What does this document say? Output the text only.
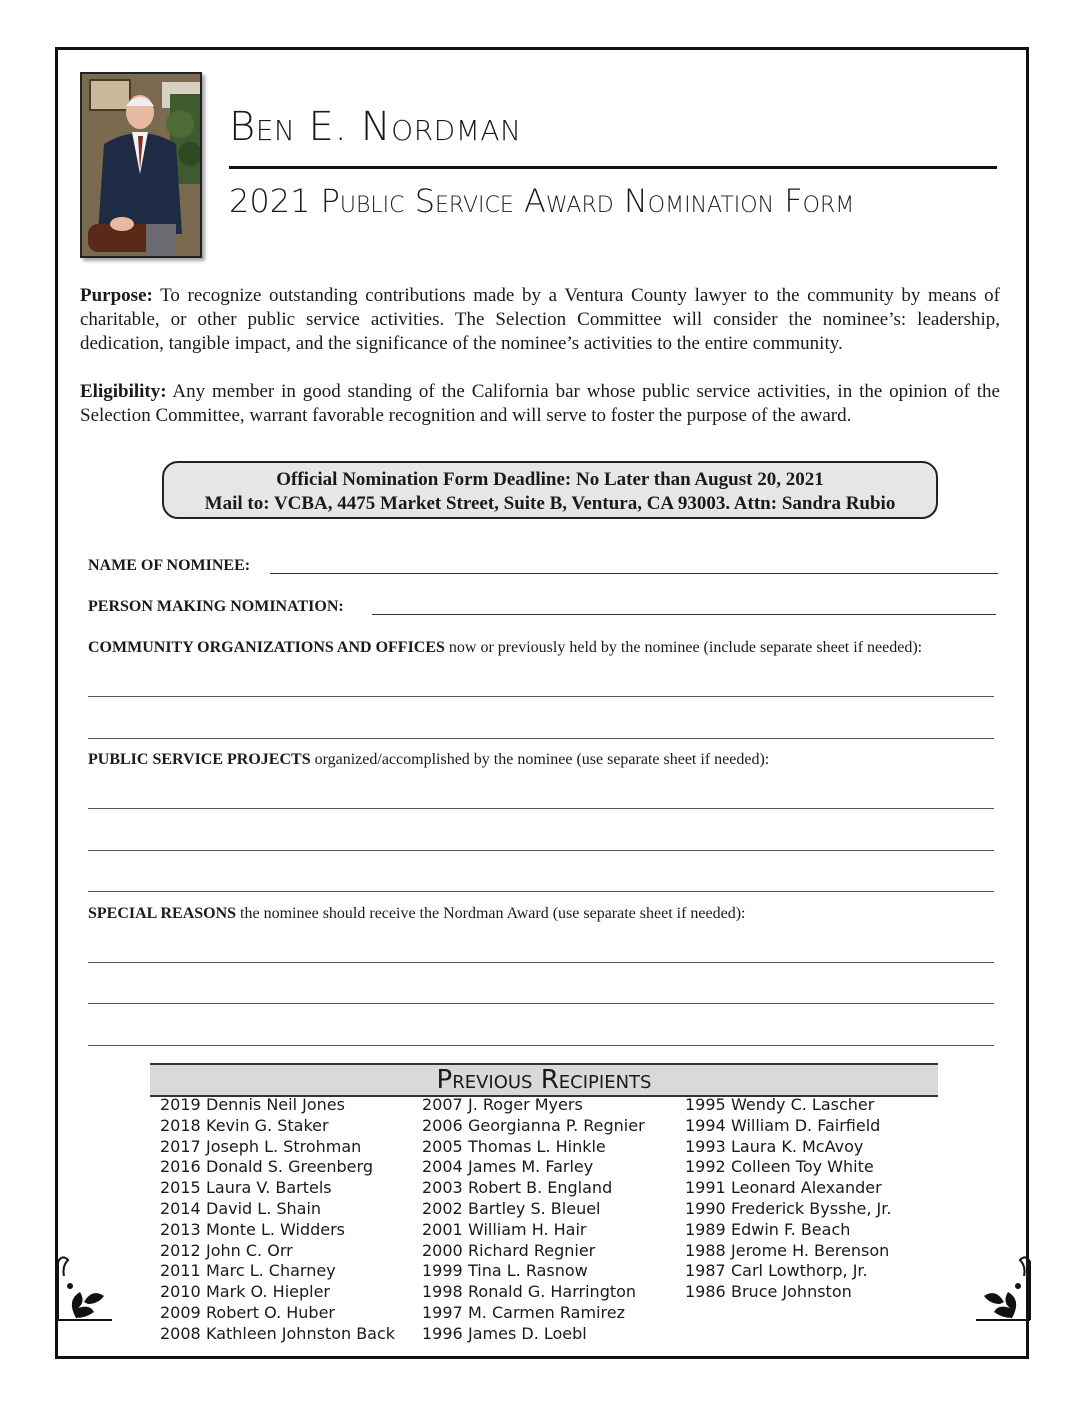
Ben E. Nordman
2021 Public Service Award Nomination Form
Purpose: To recognize outstanding contributions made by a Ventura County lawyer to the community by means of charitable, or other public service activities. The Selection Committee will consider the nominee’s: leadership, dedication, tangible impact, and the significance of the nominee’s activities to the entire community.
Eligibility: Any member in good standing of the California bar whose public service activities, in the opinion of the Selection Committee, warrant favorable recognition and will serve to foster the purpose of the award.
Official Nomination Form Deadline: No Later than August 20, 2021
Mail to: VCBA, 4475 Market Street, Suite B, Ventura, CA 93003. Attn: Sandra Rubio
NAME OF NOMINEE:
PERSON MAKING NOMINATION:
COMMUNITY ORGANIZATIONS AND OFFICES now or previously held by the nominee (include separate sheet if needed):
PUBLIC SERVICE PROJECTS organized/accomplished by the nominee (use separate sheet if needed):
SPECIAL REASONS the nominee should receive the Nordman Award (use separate sheet if needed):
Previous Recipients
2019 Dennis Neil Jones
2018 Kevin G. Staker
2017 Joseph L. Strohman
2016 Donald S. Greenberg
2015 Laura V. Bartels
2014 David L. Shain
2013 Monte L. Widders
2012 John C. Orr
2011 Marc L. Charney
2010 Mark O. Hiepler
2009 Robert O. Huber
2008 Kathleen Johnston Back
2007 J. Roger Myers
2006 Georgianna P. Regnier
2005 Thomas L. Hinkle
2004 James M. Farley
2003 Robert B. England
2002 Bartley S. Bleuel
2001 William H. Hair
2000 Richard Regnier
1999 Tina L. Rasnow
1998 Ronald G. Harrington
1997 M. Carmen Ramirez
1996 James D. Loebl
1995 Wendy C. Lascher
1994 William D. Fairfield
1993 Laura K. McAvoy
1992 Colleen Toy White
1991 Leonard Alexander
1990 Frederick Bysshe, Jr.
1989 Edwin F. Beach
1988 Jerome H. Berenson
1987 Carl Lowthorp, Jr.
1986 Bruce Johnston
